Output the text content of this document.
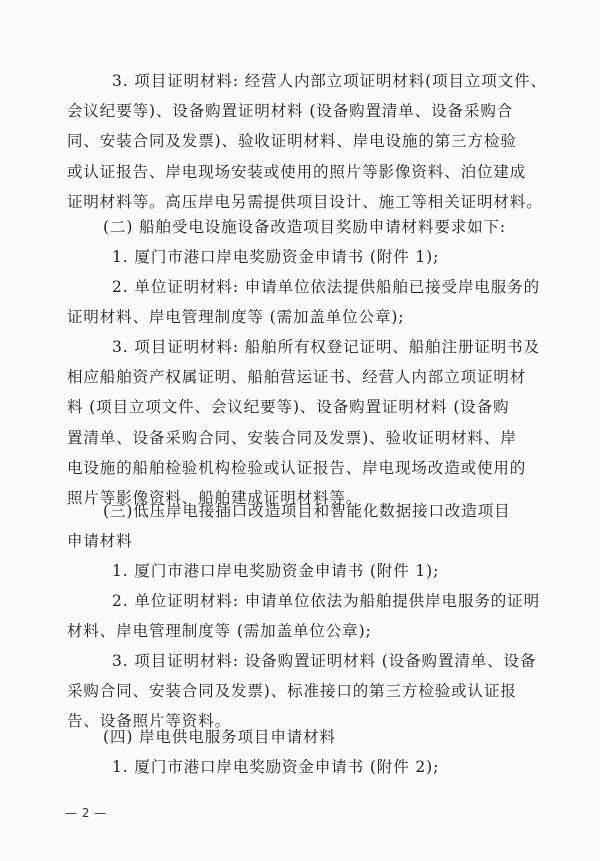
3. 项目证明材料: 经营人内部立项证明材料(项目立项文件、
会议纪要等)、设备购置证明材料 (设备购置清单、设备采购合
同、安装合同及发票)、验收证明材料、岸电设施的第三方检验
或认证报告、岸电现场安装或使用的照片等影像资料、泊位建成
证明材料等。高压岸电另需提供项目设计、施工等相关证明材料。
(二) 船舶受电设施设备改造项目奖励申请材料要求如下:
1. 厦门市港口岸电奖励资金申请书 (附件 1);
2. 单位证明材料: 申请单位依法提供船舶已接受岸电服务的
证明材料、岸电管理制度等 (需加盖单位公章);
3. 项目证明材料: 船舶所有权登记证明、船舶注册证明书及
相应船舶资产权属证明、船舶营运证书、经营人内部立项证明材
料 (项目立项文件、会议纪要等)、设备购置证明材料 (设备购
置清单、设备采购合同、安装合同及发票)、验收证明材料、岸
电设施的船舶检验机构检验或认证报告、岸电现场改造或使用的
照片等影像资料、船舶建成证明材料等。
(三)低压岸电接插口改造项目和智能化数据接口改造项目
申请材料
1. 厦门市港口岸电奖励资金申请书 (附件 1);
2. 单位证明材料: 申请单位依法为船舶提供岸电服务的证明
材料、岸电管理制度等 (需加盖单位公章);
3. 项目证明材料: 设备购置证明材料 (设备购置清单、设备
采购合同、安装合同及发票)、标准接口的第三方检验或认证报
告、设备照片等资料。
(四) 岸电供电服务项目申请材料
1. 厦门市港口岸电奖励资金申请书 (附件 2);
— 2 —
